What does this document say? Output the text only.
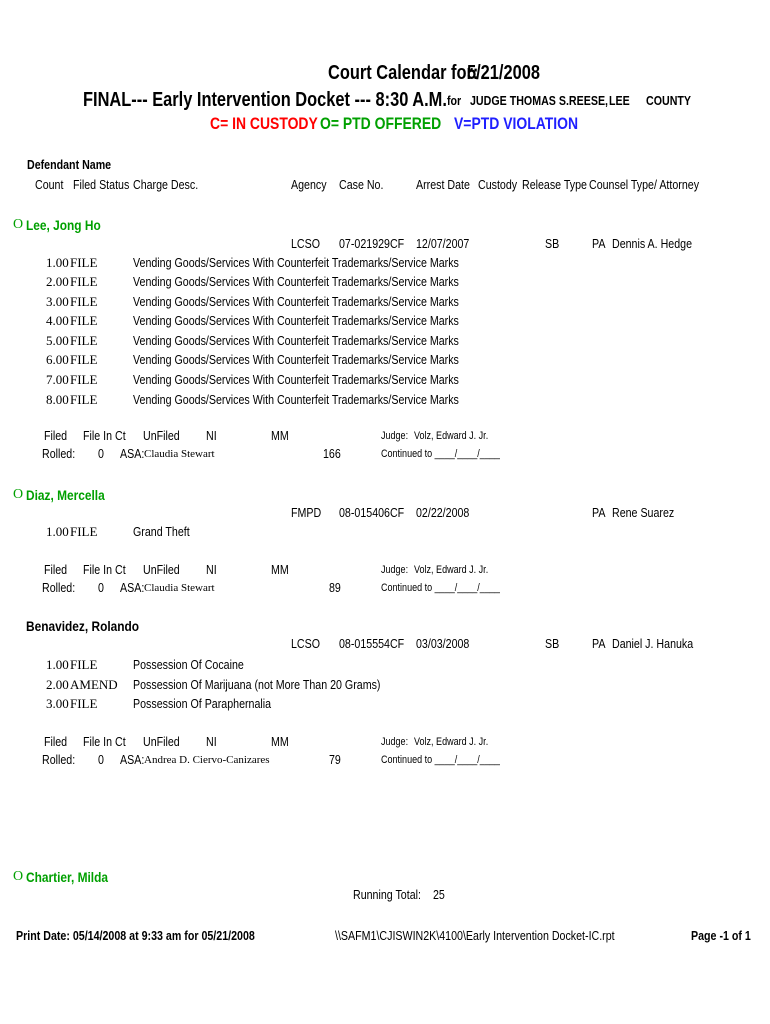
Court Calendar for:
5/21/2008
FINAL--- Early Intervention Docket --- 8:30 A.M. for JUDGE THOMAS S.REESE, LEE COUNTY
C= IN CUSTODY O= PTD OFFERED V=PTD VIOLATION
Defendant Name
Count Filed Status Charge Desc.	Agency Case No.	Arrest Date Custody Release Type Counsel Type/ Attorney
O Lee, Jong Ho
LCSO 07-021929CF 12/07/2007	SB	PA Dennis A. Hedge
1.00 FILE	Vending Goods/Services With Counterfeit Trademarks/Service Marks
2.00 FILE	Vending Goods/Services With Counterfeit Trademarks/Service Marks
3.00 FILE	Vending Goods/Services With Counterfeit Trademarks/Service Marks
4.00 FILE	Vending Goods/Services With Counterfeit Trademarks/Service Marks
5.00 FILE	Vending Goods/Services With Counterfeit Trademarks/Service Marks
6.00 FILE	Vending Goods/Services With Counterfeit Trademarks/Service Marks
7.00 FILE	Vending Goods/Services With Counterfeit Trademarks/Service Marks
8.00 FILE	Vending Goods/Services With Counterfeit Trademarks/Service Marks
Filed File In Ct UnFiled NI	MM	Judge: Volz, Edward J. Jr.
Rolled: 0 ASA: Claudia Stewart	166	Continued to ____/____/____
O Diaz, Mercella
FMPD 08-015406CF 02/22/2008	PA Rene Suarez
1.00 FILE	Grand Theft
Filed File In Ct UnFiled NI	MM	Judge: Volz, Edward J. Jr.
Rolled: 0 ASA: Claudia Stewart	89	Continued to ____/____/____
Benavidez, Rolando
LCSO 08-015554CF 03/03/2008	SB	PA Daniel J. Hanuka
1.00 FILE	Possession Of Cocaine
2.00 AMEND Possession Of Marijuana (not More Than 20 Grams)
3.00 FILE	Possession Of Paraphernalia
Filed File In Ct UnFiled NI	MM	Judge: Volz, Edward J. Jr.
Rolled: 0 ASA: Andrea D. Ciervo-Canizares	79	Continued to ____/____/____
O Chartier, Milda
Running Total: 25
Print Date: 05/14/2008 at 9:33 am for 05/21/2008	\\SAFM1\CJISWIN2K\4100\Early Intervention Docket-IC.rpt	Page -1 of 1
